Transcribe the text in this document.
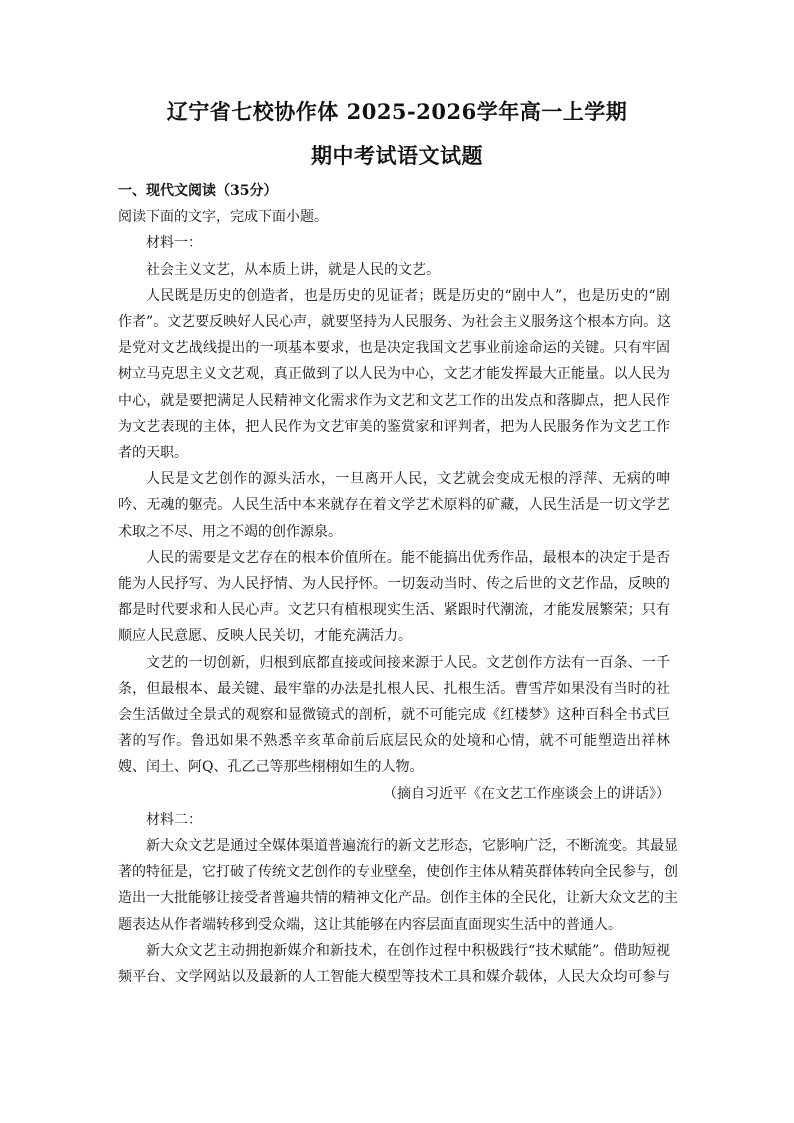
辽宁省七校协作体 2025-2026学年高一上学期
期中考试语文试题

一、现代文阅读（35分）

阅读下面的文字，完成下面小题。

材料一：

社会主义文艺，从本质上讲，就是人民的文艺。

人民既是历史的创造者，也是历史的见证者；既是历史的“剧中人”，也是历史的“剧

作者”。文艺要反映好人民心声，就要坚持为人民服务、为社会主义服务这个根本方向。这

是党对文艺战线提出的一项基本要求，也是决定我国文艺事业前途命运的关键。只有牢固

树立马克思主义文艺观，真正做到了以人民为中心，文艺才能发挥最大正能量。以人民为

中心，就是要把满足人民精神文化需求作为文艺和文艺工作的出发点和落脚点，把人民作

为文艺表现的主体，把人民作为文艺审美的鉴赏家和评判者，把为人民服务作为文艺工作

者的天职。

人民是文艺创作的源头活水，一旦离开人民，文艺就会变成无根的浮萍、无病的呻

吟、无魂的躯壳。人民生活中本来就存在着文学艺术原料的矿藏，人民生活是一切文学艺

术取之不尽、用之不竭的创作源泉。

人民的需要是文艺存在的根本价值所在。能不能搞出优秀作品，最根本的决定于是否

能为人民抒写、为人民抒情、为人民抒怀。一切轰动当时、传之后世的文艺作品，反映的

都是时代要求和人民心声。文艺只有植根现实生活、紧跟时代潮流，才能发展繁荣；只有

顺应人民意愿、反映人民关切，才能充满活力。

文艺的一切创新，归根到底都直接或间接来源于人民。文艺创作方法有一百条、一千

条，但最根本、最关键、最牢靠的办法是扎根人民、扎根生活。曹雪芹如果没有当时的社

会生活做过全景式的观察和显微镜式的剖析，就不可能完成《红楼梦》这种百科全书式巨

著的写作。鲁迅如果不熟悉辛亥革命前后底层民众的处境和心情，就不可能塑造出祥林

嫂、闰土、阿Q、孔乙己等那些栩栩如生的人物。

（摘自习近平《在文艺工作座谈会上的讲话》）

材料二：

新大众文艺是通过全媒体渠道普遍流行的新文艺形态，它影响广泛，不断流变。其最显

著的特征是，它打破了传统文艺创作的专业壁垒，使创作主体从精英群体转向全民参与，创

造出一大批能够让接受者普遍共情的精神文化产品。创作主体的全民化，让新大众文艺的主

题表达从作者端转移到受众端，这让其能够在内容层面直面现实生活中的普通人。

新大众文艺主动拥抱新媒介和新技术，在创作过程中积极践行“技术赋能”。借助短视

频平台、文学网站以及最新的人工智能大模型等技术工具和媒介载体，人民大众均可参与
